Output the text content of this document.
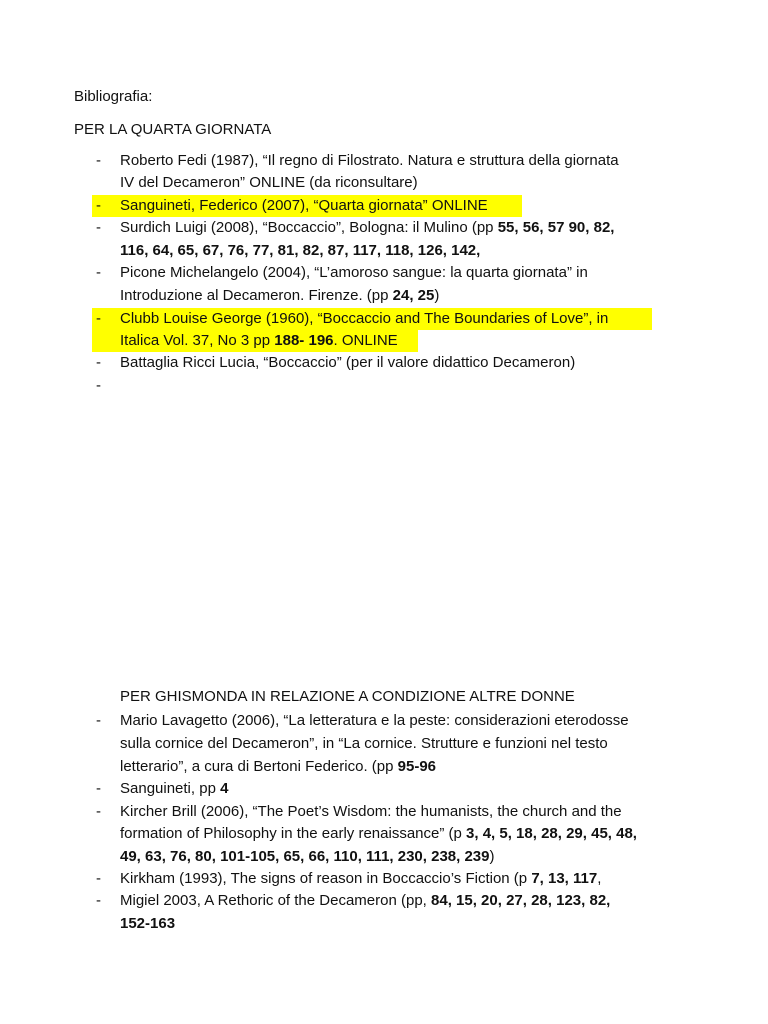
Bibliografia:

PER LA QUARTA GIORNATA

-	Roberto Fedi (1987), “Il regno di Filostrato. Natura e struttura della giornata
IV del Decameron” ONLINE (da riconsultare)
-	Sanguineti, Federico (2007), “Quarta giornata” ONLINE
-	Surdich Luigi (2008), “Boccaccio”, Bologna: il Mulino (pp 55, 56, 57 90, 82,
116, 64, 65, 67, 76, 77, 81, 82, 87, 117, 118, 126, 142,
-	Picone Michelangelo (2004), “L’amoroso sangue: la quarta giornata” in
Introduzione al Decameron. Firenze. (pp 24, 25)
-	Clubb Louise George (1960), “Boccaccio and The Boundaries of Love”, in
Italica Vol. 37, No 3 pp 188- 196. ONLINE
-	Battaglia Ricci Lucia, “Boccaccio” (per il valore didattico Decameron)
-

PER GHISMONDA IN RELAZIONE A CONDIZIONE ALTRE DONNE

-	Mario Lavagetto (2006), “La letteratura e la peste: considerazioni eterodosse
sulla cornice del Decameron”, in “La cornice. Strutture e funzioni nel testo
letterario”, a cura di Bertoni Federico. (pp 95-96
-	Sanguineti, pp 4
-	Kircher Brill (2006), “The Poet’s Wisdom: the humanists, the church and the
formation of Philosophy in the early renaissance” (p 3, 4, 5, 18, 28, 29, 45, 48,
49, 63, 76, 80, 101-105, 65, 66, 110, 111, 230, 238, 239)
-	Kirkham (1993), The signs of reason in Boccaccio’s Fiction (p 7, 13, 117,
-	Migiel 2003, A Rethoric of the Decameron (pp, 84, 15, 20, 27, 28, 123, 82,
152-163
